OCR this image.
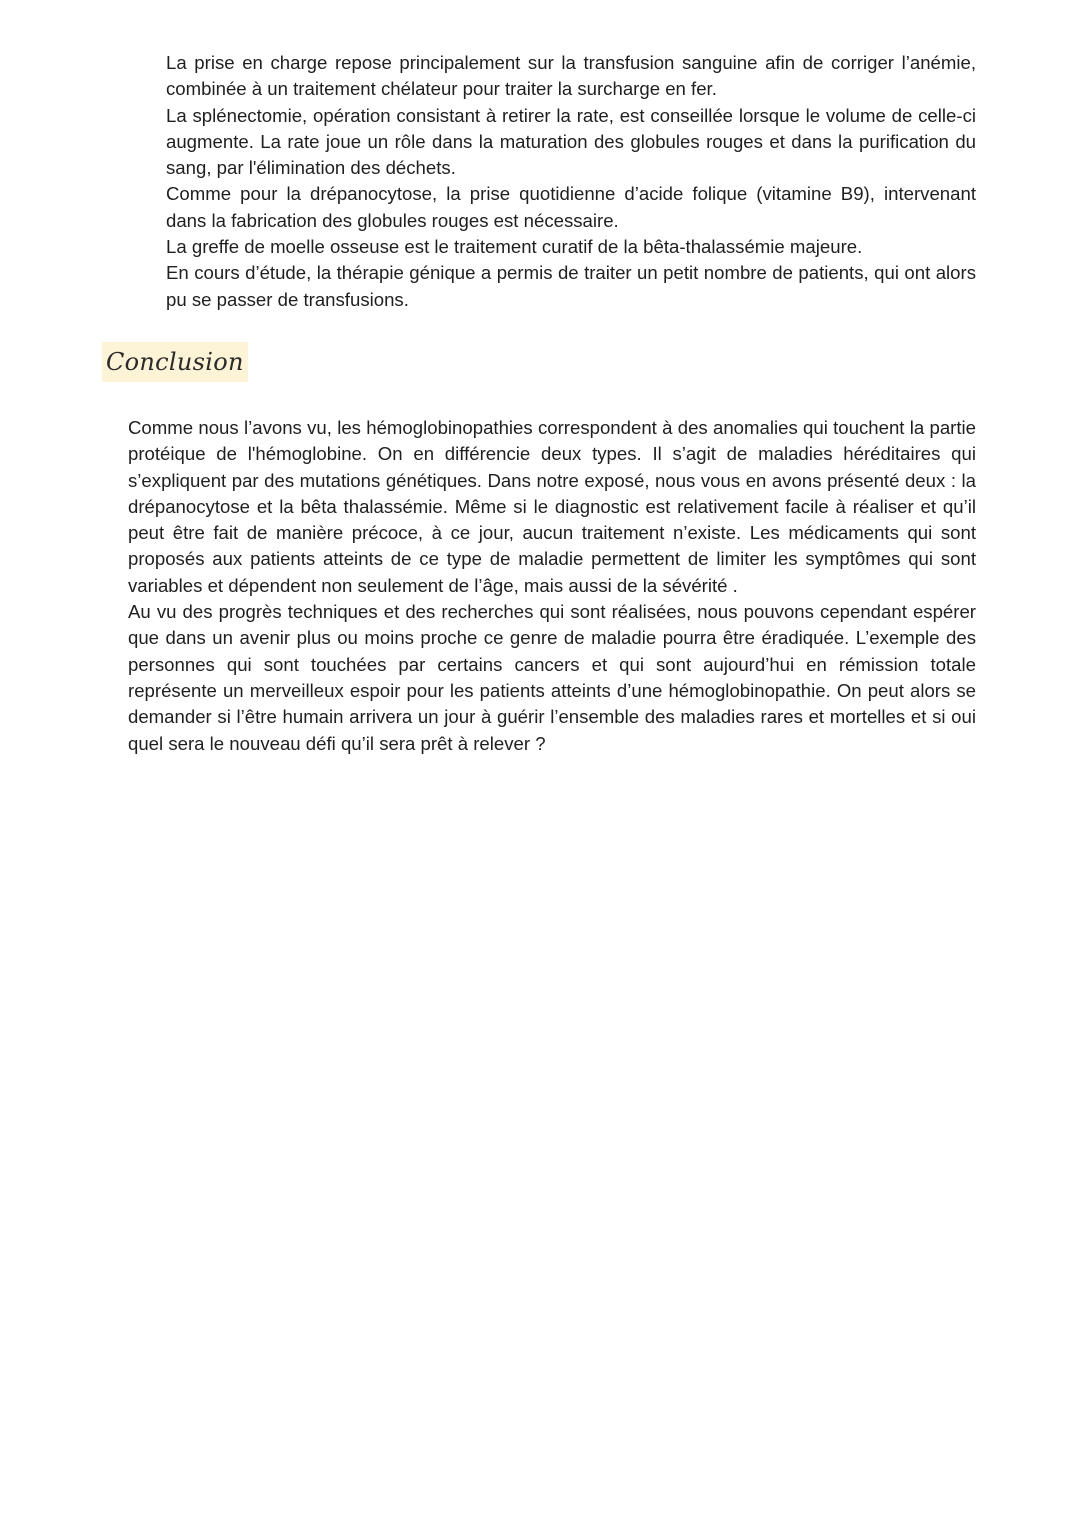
La prise en charge repose principalement sur la transfusion sanguine afin de corriger l’anémie, combinée à un traitement chélateur pour traiter la surcharge en fer.

La splénectomie, opération consistant à retirer la rate, est conseillée lorsque le volume de celle-ci augmente. La rate joue un rôle dans la maturation des globules rouges et dans la purification du sang, par l'élimination des déchets.

Comme pour la drépanocytose, la prise quotidienne d’acide folique (vitamine B9), intervenant dans la fabrication des globules rouges est nécessaire.

La greffe de moelle osseuse est le traitement curatif de la bêta-thalassémie majeure.

En cours d’étude, la thérapie génique a permis de traiter un petit nombre de patients, qui ont alors pu se passer de transfusions.

Conclusion

Comme nous l’avons vu, les hémoglobinopathies correspondent à des anomalies qui touchent la partie protéique de l'hémoglobine. On en différencie deux types. Il s’agit de maladies héréditaires qui s’expliquent par des mutations génétiques. Dans notre exposé, nous vous en avons présenté deux : la drépanocytose et la bêta thalassémie. Même si le diagnostic est relativement facile à réaliser et qu’il peut être fait de manière précoce, à ce jour, aucun traitement n’existe. Les médicaments qui sont proposés aux patients atteints de ce type de maladie permettent de limiter les symptômes qui sont variables et dépendent non seulement de l’âge, mais aussi de la sévérité .

Au vu des progrès techniques et des recherches qui sont réalisées, nous pouvons cependant espérer que dans un avenir plus ou moins proche ce genre de maladie pourra être éradiquée. L’exemple des personnes qui sont touchées par certains cancers et qui sont aujourd’hui en rémission totale représente un merveilleux espoir pour les patients atteints d’une hémoglobinopathie. On peut alors se demander si l’être humain arrivera un jour à guérir l’ensemble des maladies rares et mortelles et si oui quel sera le nouveau défi qu’il sera prêt à relever ?
